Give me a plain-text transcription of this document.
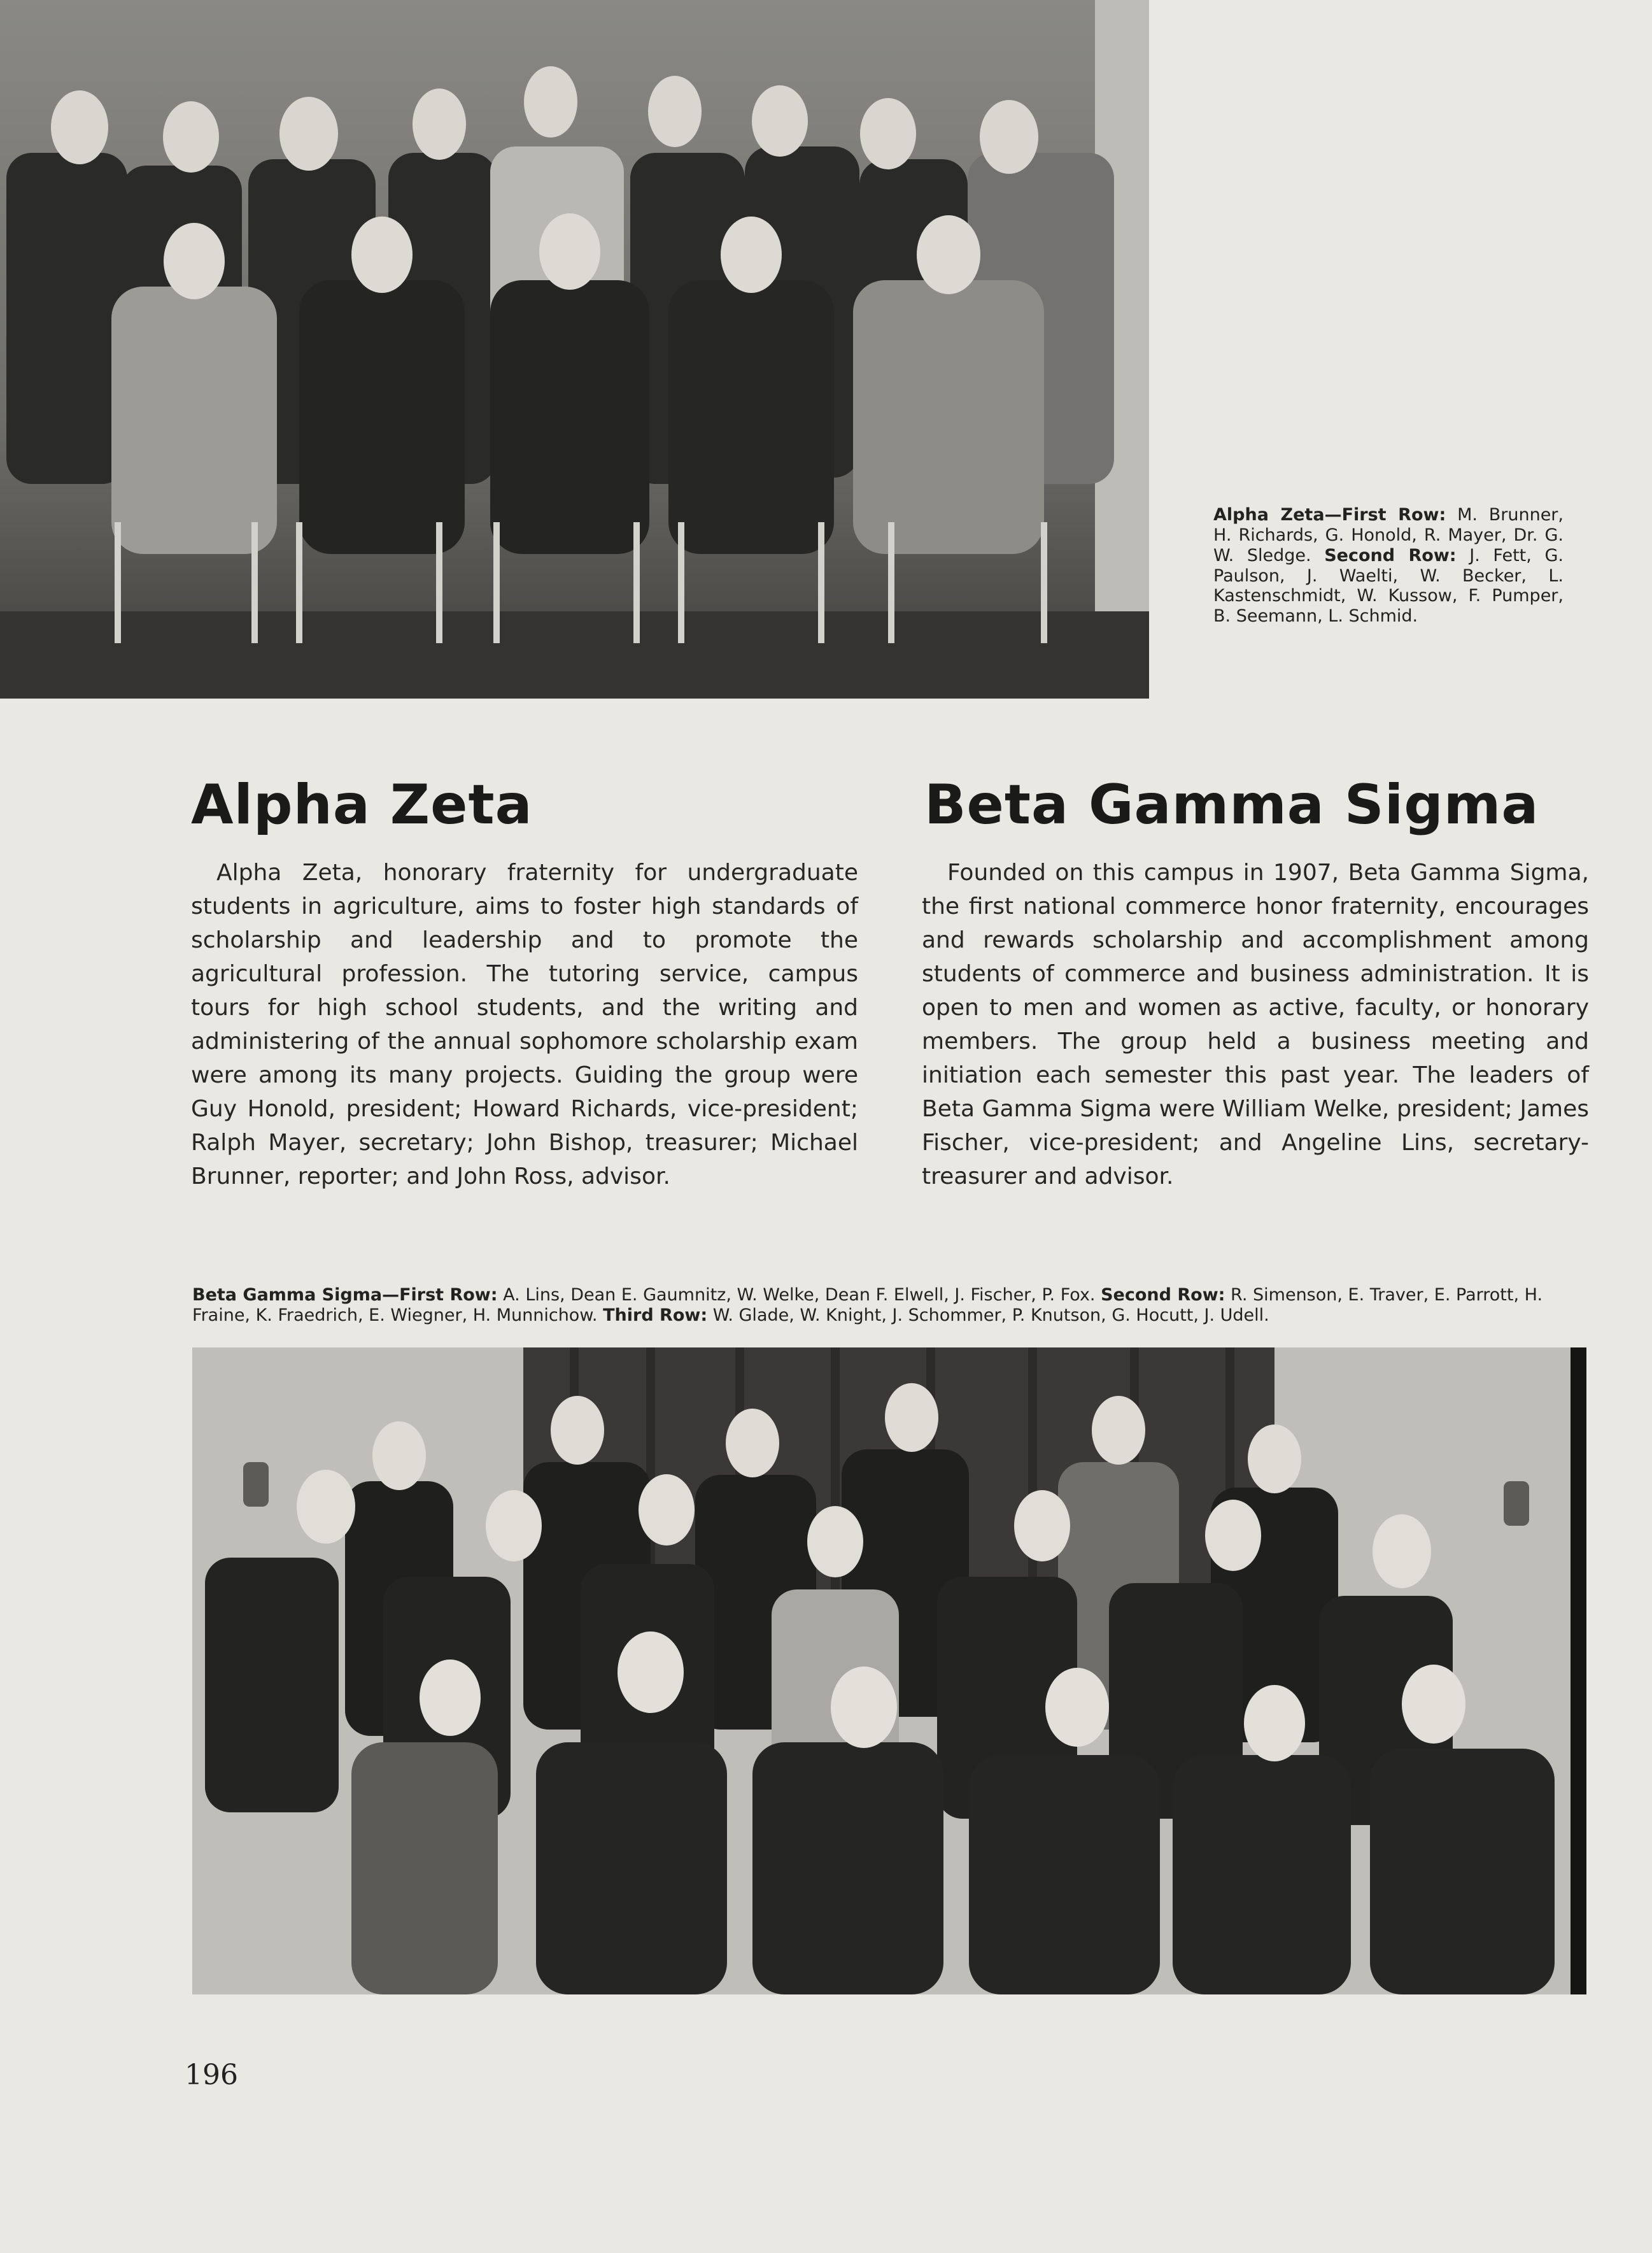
Alpha Zeta—First Row: M. Brunner, H. Richards, G. Honold, R. Mayer, Dr. G. W. Sledge. Second Row: J. Fett, G. Paulson, J. Waelti, W. Becker, L. Kastenschmidt, W. Kussow, F. Pumper, B. Seemann, L. Schmid.
Alpha Zeta	Beta Gamma Sigma

Alpha Zeta, honorary fraternity for undergraduate students in agriculture, aims to foster high standards of scholarship and leadership and to promote the agricultural profession. The tutoring service, campus tours for high school students, and the writing and administering of the annual sophomore scholarship exam were among its many projects. Guiding the group were Guy Honold, president; Howard Richards, vice-president; Ralph Mayer, secretary; John Bishop, treasurer; Michael Brunner, reporter; and John Ross, advisor.

Founded on this campus in 1907, Beta Gamma Sigma, the first national commerce honor fraternity, encourages and rewards scholarship and accomplishment among students of commerce and business administration. It is open to men and women as active, faculty, or honorary members. The group held a business meeting and initiation each semester this past year. The leaders of Beta Gamma Sigma were William Welke, president; James Fischer, vice-president; and Angeline Lins, secretary-treasurer and advisor.

Beta Gamma Sigma—First Row: A. Lins, Dean E. Gaumnitz, W. Welke, Dean F. Elwell, J. Fischer, P. Fox. Second Row: R. Simenson, E. Traver, E. Parrott, H. Fraine, K. Fraedrich, E. Wiegner, H. Munnichow. Third Row: W. Glade, W. Knight, J. Schommer, P. Knutson, G. Hocutt, J. Udell.
196
